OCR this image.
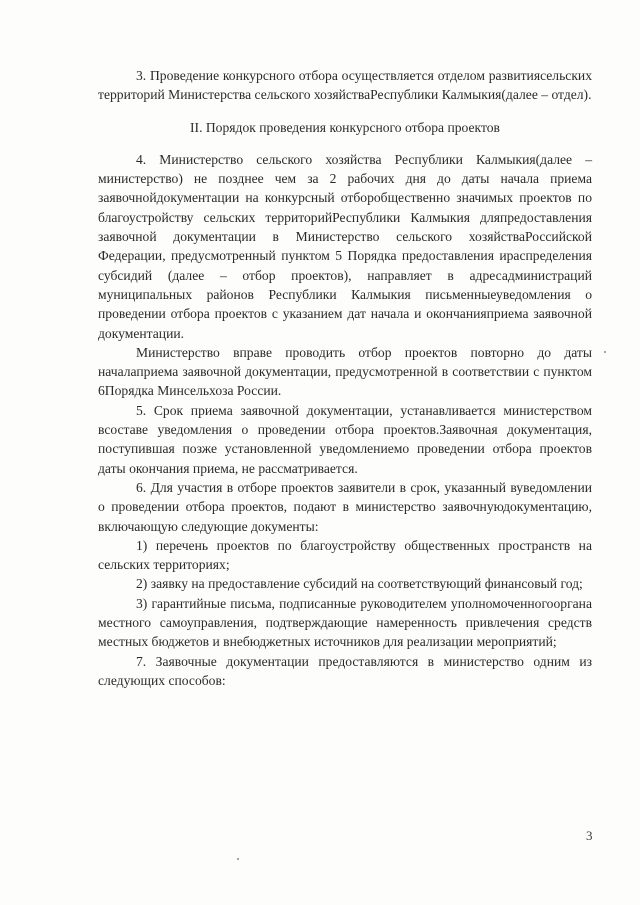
3. Проведение конкурсного отбора осуществляется отделом развитиясельских территорий Министерства сельского хозяйстваРеспублики Калмыкия(далее – отдел).

II. Порядок проведения конкурсного отбора проектов

4. Министерство сельского хозяйства Республики Калмыкия(далее – министерство) не позднее чем за 2 рабочих дня до даты начала приема заявочнойдокументации на конкурсный отборобщественно значимых проектов по благоустройству сельских территорийРеспублики Калмыкия дляпредоставления заявочной документации в Министерство сельского хозяйстваРоссийской Федерации, предусмотренный пунктом 5 Порядка предоставления ираспределения субсидий (далее – отбор проектов), направляет в адресадминистраций муниципальных районов Республики Калмыкия письменныеуведомления о проведении отбора проектов с указанием дат начала и окончанияприема заявочной документации.

Министерство вправе проводить отбор проектов повторно до даты началаприема заявочной документации, предусмотренной в соответствии с пунктом 6Порядка Минсельхоза России.

5. Срок приема заявочной документации, устанавливается министерством всоставе уведомления о проведении отбора проектов.Заявочная документация, поступившая позже установленной уведомлениемо проведении отбора проектов даты окончания приема, не рассматривается.

6. Для участия в отборе проектов заявители в срок, указанный вуведомлении о проведении отбора проектов, подают в министерство заявочнуюдокументацию, включающую следующие документы:

1) перечень проектов по благоустройству общественных пространств на сельских территориях;

2) заявку на предоставление субсидий на соответствующий финансовый год;

3) гарантийные письма, подписанные руководителем уполномоченногооргана местного самоуправления, подтверждающие намеренность привлечения средств местных бюджетов и внебюджетных источников для реализации мероприятий;

7. Заявочные документации предоставляются в министерство одним из следующих способов:

3
